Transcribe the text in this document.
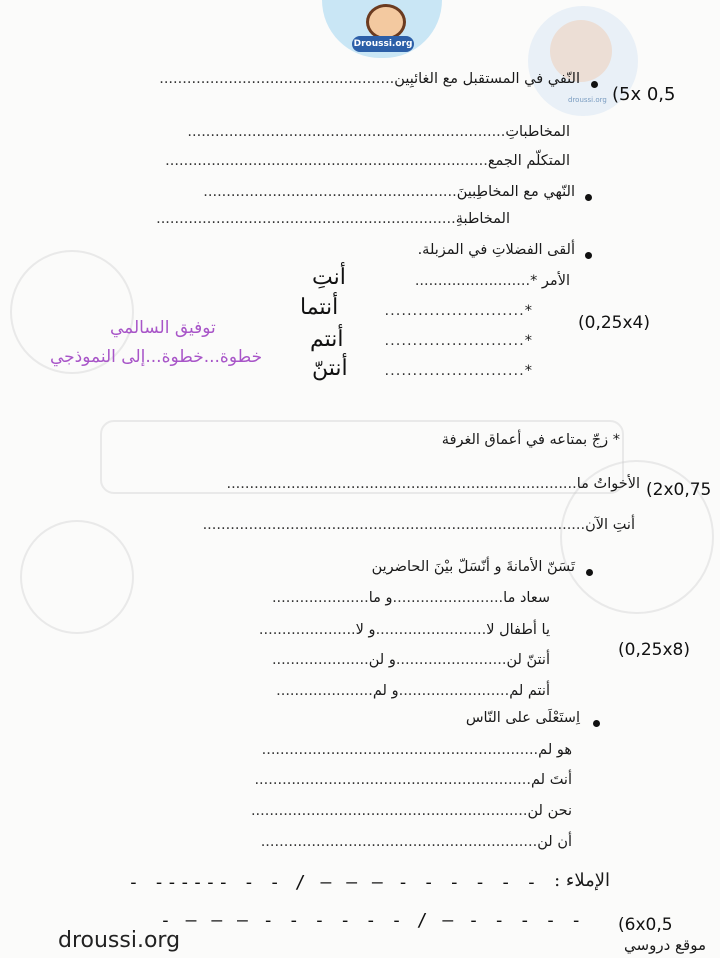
Droussi.org
droussi.org (5x 0,5
النّفي في المستقبل مع الغائبِين...................................................
المخاطباتِ.....................................................................
المتكلّم الجمع......................................................................
النّهي مع المخاطِبينَ.......................................................
المخاطبةِ.................................................................
ألقى الفضلاتِ في المزبلة.
الأمر *.........................
أنتِ
*.........................
أنتما
*.........................
أنتم
*.........................
أنتنّ
(0,25x4)
توفيق السالمي
خطوة...خطوة...إلى النموذجي
* زجّ بمتاعه في أعماق الغرفة
الأخواتُ ما............................................................................	(2x0,75
أنتِ الآن...................................................................................
تَسَنّ الأمانةَ و أنّسَلّ بيْنَ الحاضرين
سعاد ما........................و ما.....................
يا أطفال لا........................و لا.....................
أنتنّ لن........................و لن.....................
أنتم لم........................و لم.....................
(0,25x8)
اِستَعْلَى على النّاس
هو لم............................................................
أنتَ لم............................................................
نحن لن............................................................
أن لن............................................................
الإملاء :
- ------ - - / — — — - - - - - -
- — — — - - - - - - / — - - - - - (6x0,5
droussi.org	موقع دروسي
